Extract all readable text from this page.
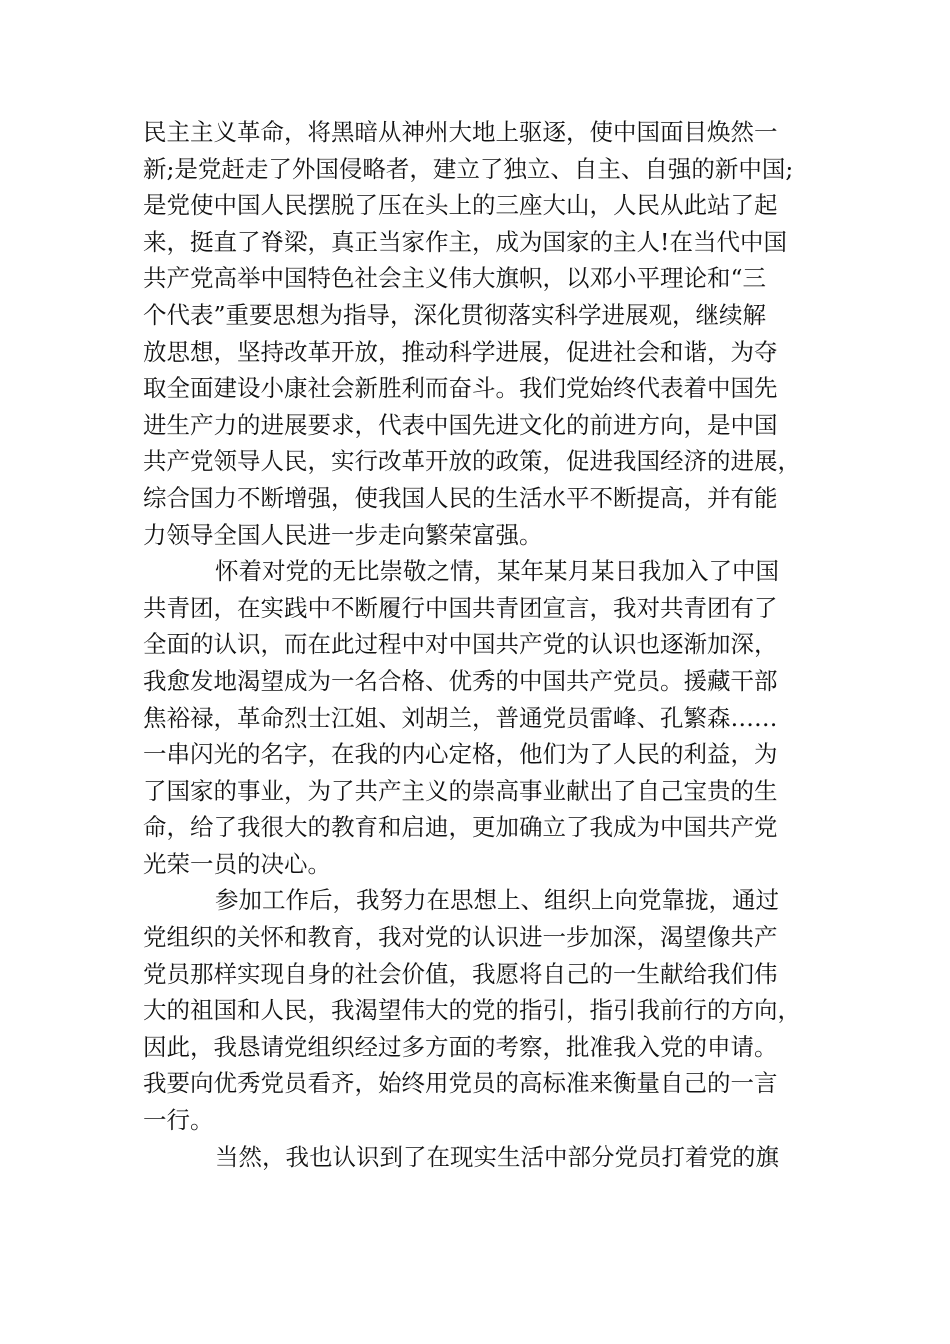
民主主义革命，将黑暗从神州大地上驱逐，使中国面目焕然一
新;是党赶走了外国侵略者，建立了独立、自主、自强的新中国;
是党使中国人民摆脱了压在头上的三座大山，人民从此站了起
来，挺直了脊梁，真正当家作主，成为国家的主人!在当代中国
共产党高举中国特色社会主义伟大旗帜，以邓小平理论和“三
个代表”重要思想为指导，深化贯彻落实科学进展观，继续解
放思想，坚持改革开放，推动科学进展，促进社会和谐，为夺
取全面建设小康社会新胜利而奋斗。我们党始终代表着中国先
进生产力的进展要求，代表中国先进文化的前进方向，是中国
共产党领导人民，实行改革开放的政策，促进我国经济的进展，
综合国力不断增强，使我国人民的生活水平不断提高，并有能
力领导全国人民进一步走向繁荣富强。
怀着对党的无比崇敬之情，某年某月某日我加入了中国
共青团，在实践中不断履行中国共青团宣言，我对共青团有了
全面的认识，而在此过程中对中国共产党的认识也逐渐加深，
我愈发地渴望成为一名合格、优秀的中国共产党员。援藏干部
焦裕禄，革命烈士江姐、刘胡兰，普通党员雷峰、孔繁森……
一串闪光的名字，在我的内心定格，他们为了人民的利益，为
了国家的事业，为了共产主义的崇高事业献出了自己宝贵的生
命，给了我很大的教育和启迪，更加确立了我成为中国共产党
光荣一员的决心。
参加工作后，我努力在思想上、组织上向党靠拢，通过
党组织的关怀和教育，我对党的认识进一步加深，渴望像共产
党员那样实现自身的社会价值，我愿将自己的一生献给我们伟
大的祖国和人民，我渴望伟大的党的指引，指引我前行的方向，
因此，我恳请党组织经过多方面的考察，批准我入党的申请。
我要向优秀党员看齐，始终用党员的高标准来衡量自己的一言
一行。
当然，我也认识到了在现实生活中部分党员打着党的旗
